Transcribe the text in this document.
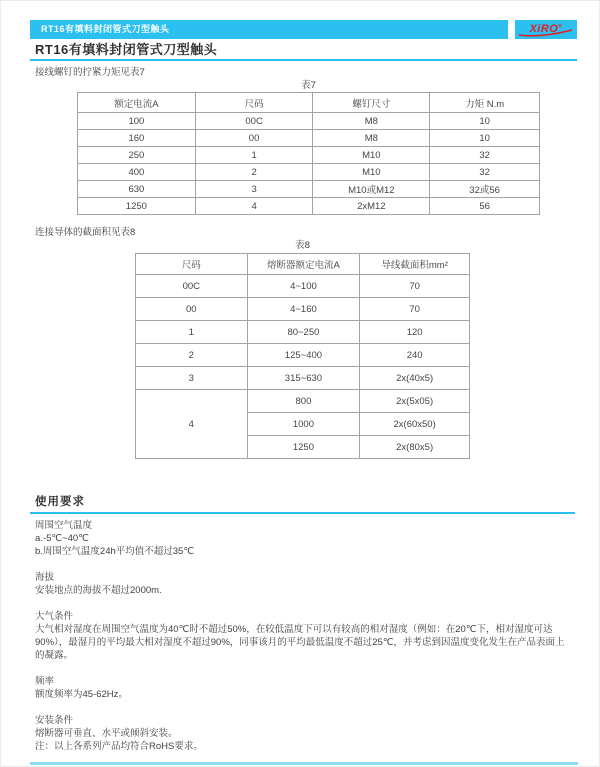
RT16有填料封闭管式刀型触头	XiRO®
RT16有填料封闭管式刀型触头
接线螺钉的拧紧力矩见表7
表7
额定电流A	尺码	螺钉尺寸	力矩 N.m
100	00C	M8	10
160	00	M8	10
250	1	M10	32
400	2	M10	32
630	3	M10或M12	32或56
1250	4	2xM12	56
连接导体的截面积见表8
表8
尺码	熔断器额定电流A	导线截面积mm²
00C	4~100	70
00	4~160	70
1	80~250	120
2	125~400	240
3	315~630	2x(40x5)
4	800	2x(5x05)
	1000	2x(60x50)
	1250	2x(80x5)
使用要求
周围空气温度
a.-5℃~40℃
b.周围空气温度24h平均值不超过35℃
海拔
安装地点的海拔不超过2000m.
大气条件
大气相对湿度在周围空气温度为40℃时不超过50%，在较低温度下可以有较高的相对湿度（例如：在20℃下，相对湿度可达90%），最湿月的平均最大相对湿度不超过90%，同事该月的平均最低温度不超过25℃，并考虑到因温度变化发生在产品表面上的凝露。
频率
额度频率为45-62Hz。
安装条件
熔断器可垂直、水平或倾斜安装。
注：以上各系列产品均符合RoHS要求。
